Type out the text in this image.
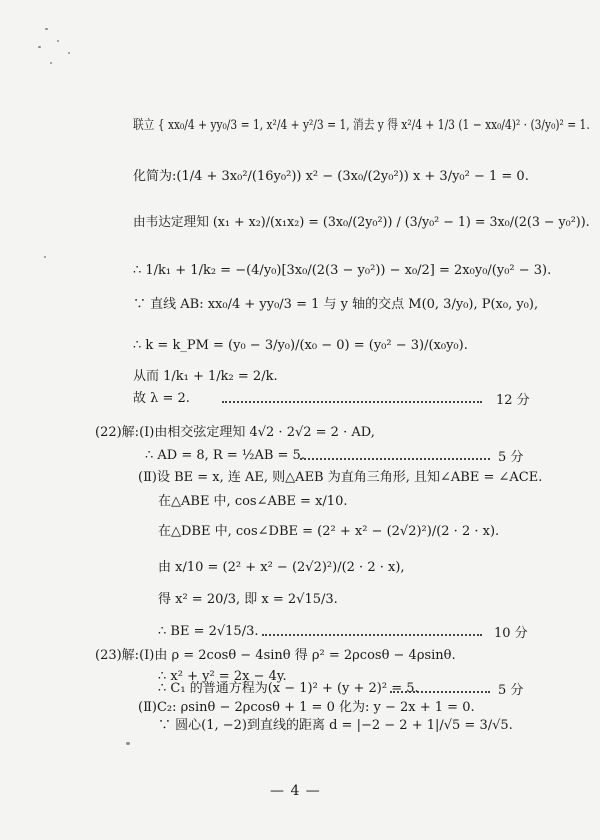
联立 { xx₀/4 + yy₀/3 = 1, x²/4 + y²/3 = 1, 消去 y 得 x²/4 + 1/3 (1 − xx₀/4)² · (3/y₀)² = 1.
化简为:(1/4 + 3x₀²/(16y₀²)) x² − (3x₀/(2y₀²)) x + 3/y₀² − 1 = 0.
由韦达定理知 (x₁ + x₂)/(x₁x₂) = (3x₀/(2y₀²)) / (3/y₀² − 1) = 3x₀/(2(3 − y₀²)).
∴ 1/k₁ + 1/k₂ = −(4/y₀)[3x₀/(2(3 − y₀²)) − x₀/2] = 2x₀y₀/(y₀² − 3).
∵ 直线 AB: xx₀/4 + yy₀/3 = 1 与 y 轴的交点 M(0, 3/y₀), P(x₀, y₀),
∴ k = k_PM = (y₀ − 3/y₀)/(x₀ − 0) = (y₀² − 3)/(x₀y₀).
从而 1/k₁ + 1/k₂ = 2/k.
故 λ = 2.	12 分
(22)解:(Ⅰ)由相交弦定理知 4√2 · 2√2 = 2 · AD,
∴ AD = 8, R = ½AB = 5.	5 分
(Ⅱ)设 BE = x, 连 AE, 则△AEB 为直角三角形, 且知∠ABE = ∠ACE.
在△ABE 中, cos∠ABE = x/10.
在△DBE 中, cos∠DBE = (2² + x² − (2√2)²)/(2 · 2 · x).
由 x/10 = (2² + x² − (2√2)²)/(2 · 2 · x),
得 x² = 20/3, 即 x = 2√15/3.
∴ BE = 2√15/3.	10 分
(23)解:(Ⅰ)由 ρ = 2cosθ − 4sinθ 得 ρ² = 2ρcosθ − 4ρsinθ.
∴ x² + y² = 2x − 4y.
∴ C₁ 的普通方程为(x − 1)² + (y + 2)² = 5.	5 分
(Ⅱ)C₂: ρsinθ − 2ρcosθ + 1 = 0 化为: y − 2x + 1 = 0.
∵ 圆心(1, −2)到直线的距离 d = |−2 − 2 + 1|/√5 = 3/√5.
— 4 —
